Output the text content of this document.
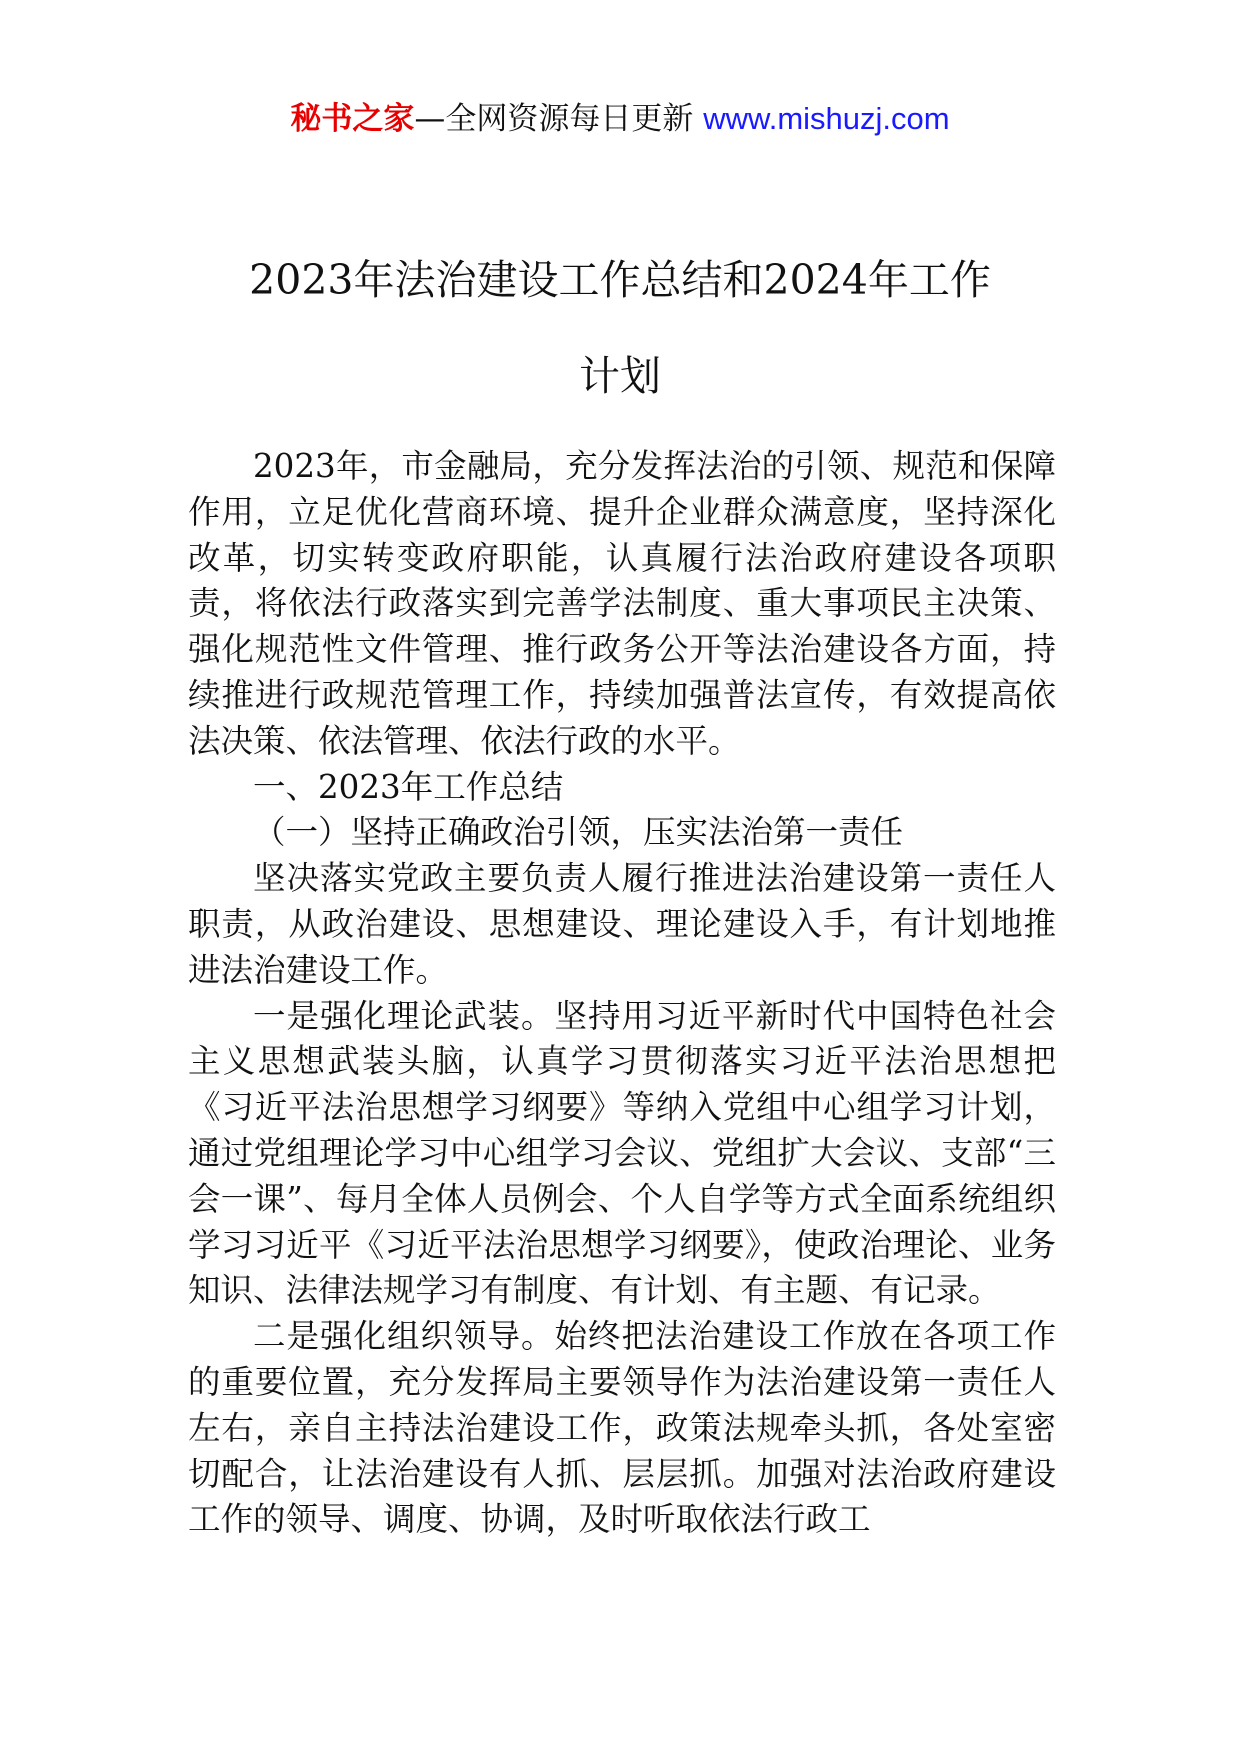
秘书之家—全网资源每日更新 www.mishuzj.com
2023年法治建设工作总结和2024年工作
计划

2023年，市金融局，充分发挥法治的引领、规范和保障作用，立足优化营商环境、提升企业群众满意度，坚持深化改革，切实转变政府职能，认真履行法治政府建设各项职责，将依法行政落实到完善学法制度、重大事项民主决策、强化规范性文件管理、推行政务公开等法治建设各方面，持续推进行政规范管理工作，持续加强普法宣传，有效提高依法决策、依法管理、依法行政的水平。

一、2023年工作总结

（一）坚持正确政治引领，压实法治第一责任

坚决落实党政主要负责人履行推进法治建设第一责任人职责，从政治建设、思想建设、理论建设入手，有计划地推进法治建设工作。

一是强化理论武装。坚持用习近平新时代中国特色社会主义思想武装头脑，认真学习贯彻落实习近平法治思想把《习近平法治思想学习纲要》等纳入党组中心组学习计划，通过党组理论学习中心组学习会议、党组扩大会议、支部“三会一课”、每月全体人员例会、个人自学等方式全面系统组织学习习近平《习近平法治思想学习纲要》，使政治理论、业务知识、法律法规学习有制度、有计划、有主题、有记录。

二是强化组织领导。始终把法治建设工作放在各项工作的重要位置，充分发挥局主要领导作为法治建设第一责任人左右，亲自主持法治建设工作，政策法规牵头抓，各处室密切配合，让法治建设有人抓、层层抓。加强对法治政府建设工作的领导、调度、协调，及时听取依法行政工
